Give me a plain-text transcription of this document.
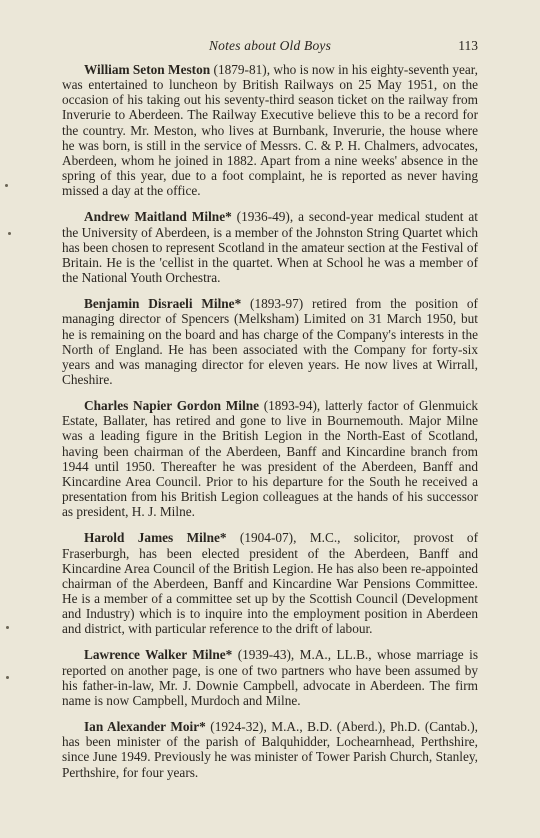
Notes about Old Boys	113

William Seton Meston (1879-81), who is now in his eighty-seventh year, was entertained to luncheon by British Railways on 25 May 1951, on the occasion of his taking out his seventy-third season ticket on the railway from Inverurie to Aberdeen. The Railway Executive believe this to be a record for the country. Mr. Meston, who lives at Burnbank, Inverurie, the house where he was born, is still in the service of Messrs. C. & P. H. Chalmers, advocates, Aberdeen, whom he joined in 1882. Apart from a nine weeks' absence in the spring of this year, due to a foot complaint, he is reported as never having missed a day at the office.

Andrew Maitland Milne* (1936-49), a second-year medical student at the University of Aberdeen, is a member of the Johnston String Quartet which has been chosen to represent Scotland in the amateur section at the Festival of Britain. He is the 'cellist in the quartet. When at School he was a member of the National Youth Orchestra.

Benjamin Disraeli Milne* (1893-97) retired from the position of managing director of Spencers (Melksham) Limited on 31 March 1950, but he is remaining on the board and has charge of the Company's interests in the North of England. He has been associated with the Company for forty-six years and was managing director for eleven years. He now lives at Wirrall, Cheshire.

Charles Napier Gordon Milne (1893-94), latterly factor of Glenmuick Estate, Ballater, has retired and gone to live in Bournemouth. Major Milne was a leading figure in the British Legion in the North-East of Scotland, having been chairman of the Aberdeen, Banff and Kincardine branch from 1944 until 1950. Thereafter he was president of the Aberdeen, Banff and Kincardine Area Council. Prior to his departure for the South he received a presentation from his British Legion colleagues at the hands of his successor as president, H. J. Milne.

Harold James Milne* (1904-07), M.C., solicitor, provost of Fraserburgh, has been elected president of the Aberdeen, Banff and Kincardine Area Council of the British Legion. He has also been re-appointed chairman of the Aberdeen, Banff and Kincardine War Pensions Committee. He is a member of a committee set up by the Scottish Council (Development and Industry) which is to inquire into the employment position in Aberdeen and district, with particular reference to the drift of labour.

Lawrence Walker Milne* (1939-43), M.A., LL.B., whose marriage is reported on another page, is one of two partners who have been assumed by his father-in-law, Mr. J. Downie Campbell, advocate in Aberdeen. The firm name is now Campbell, Murdoch and Milne.

Ian Alexander Moir* (1924-32), M.A., B.D. (Aberd.), Ph.D. (Cantab.), has been minister of the parish of Balquhidder, Lochearnhead, Perthshire, since June 1949. Previously he was minister of Tower Parish Church, Stanley, Perthshire, for four years.
